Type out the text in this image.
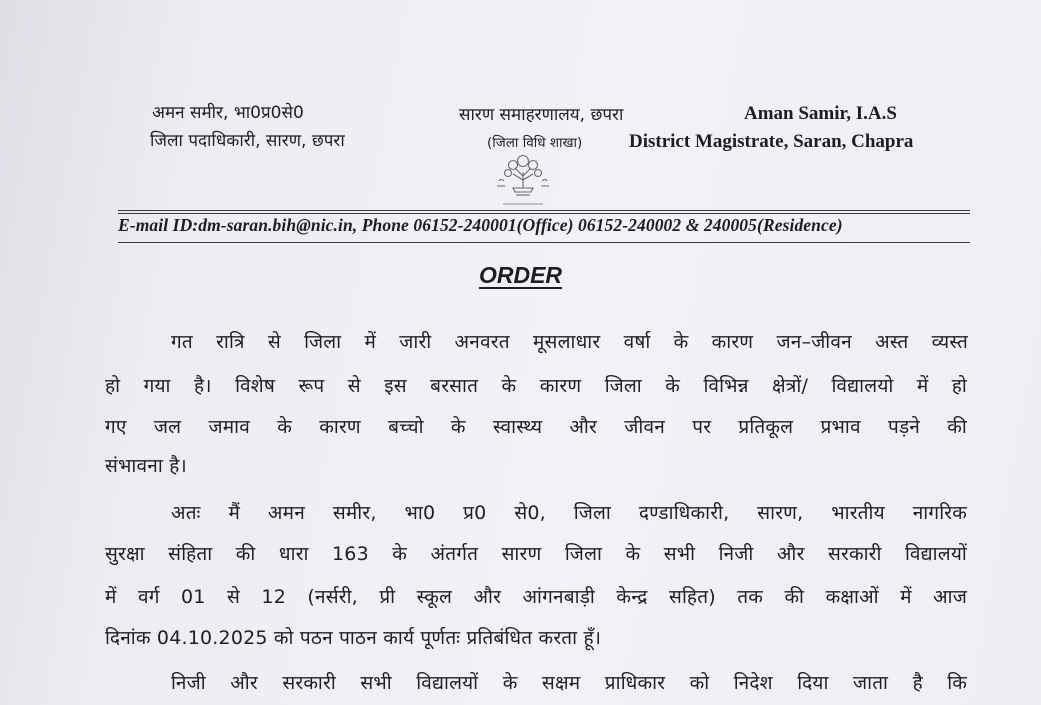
अमन समीर, भा0प्र0से0
जिला पदाधिकारी, सारण, छपरा
सारण समाहरणालय, छपरा
(जिला विधि शाखा)
Aman Samir, I.A.S
District Magistrate, Saran, Chapra
E-mail ID:dm-saran.bih@nic.in, Phone 06152-240001(Office) 06152-240002 & 240005(Residence)
ORDER
गत रात्रि से जिला में जारी अनवरत मूसलाधार वर्षा के कारण जन–जीवन अस्त व्यस्त
हो गया है। विशेष रूप से इस बरसात के कारण जिला के विभिन्न क्षेत्रों/ विद्यालयो में हो
गए जल जमाव के कारण बच्चो के स्वास्थ्य और जीवन पर प्रतिकूल प्रभाव पड़ने की
संभावना है।
अतः मैं अमन समीर, भा0 प्र0 से0, जिला दण्डाधिकारी, सारण, भारतीय नागरिक
सुरक्षा संहिता की धारा 163 के अंतर्गत सारण जिला के सभी निजी और सरकारी विद्यालयों
में वर्ग 01 से 12 (नर्सरी, प्री स्कूल और आंगनबाड़ी केन्द्र सहित) तक की कक्षाओं में आज
दिनांक 04.10.2025 को पठन पाठन कार्य पूर्णतः प्रतिबंधित करता हूँ।
निजी और सरकारी सभी विद्यालयों के सक्षम प्राधिकार को निदेश दिया जाता है कि
